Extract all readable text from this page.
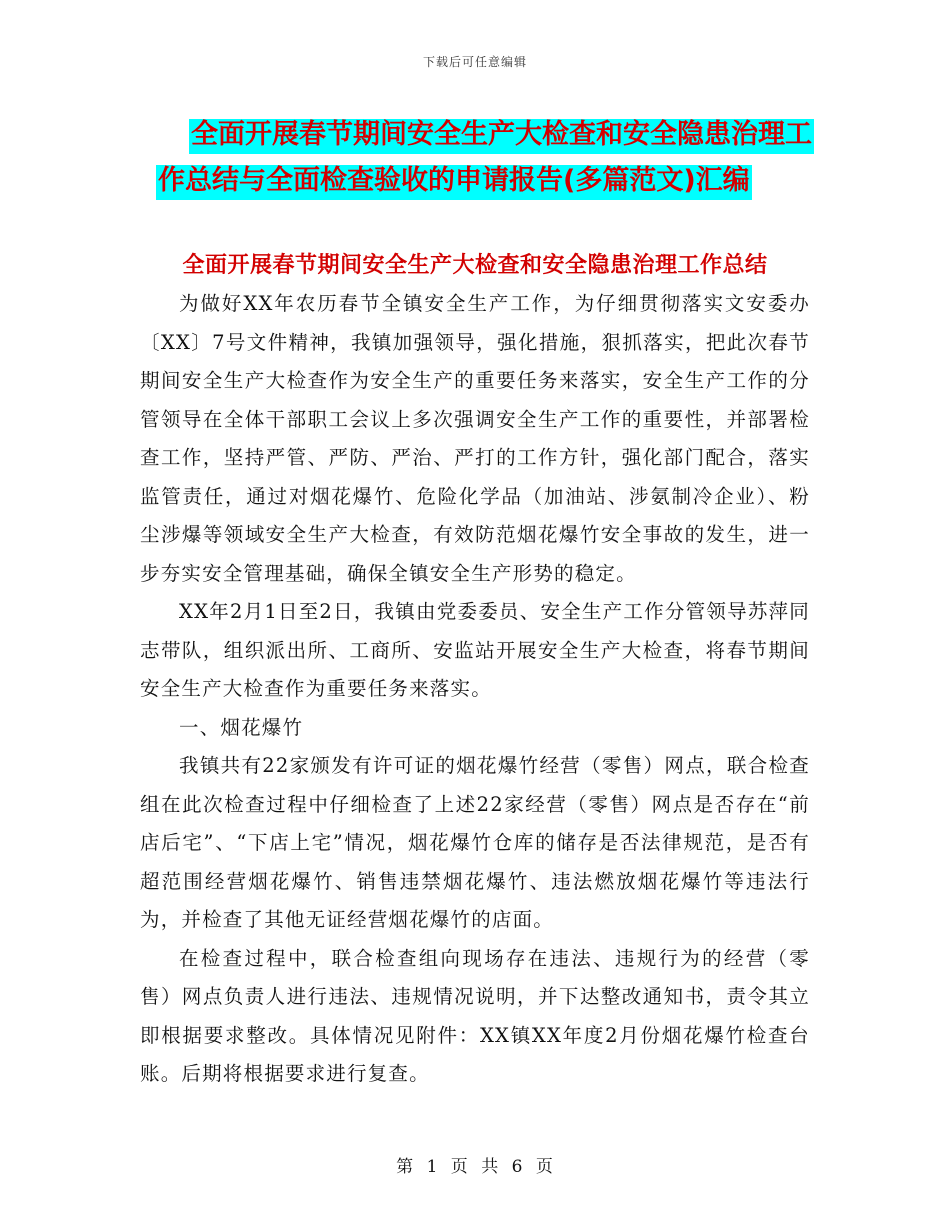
下载后可任意编辑
全面开展春节期间安全生产大检查和安全隐患治理工
作总结与全面检查验收的申请报告(多篇范文)汇编
全面开展春节期间安全生产大检查和安全隐患治理工作总结

为做好XX年农历春节全镇安全生产工作，为仔细贯彻落实文安委办〔XX〕7号文件精神，我镇加强领导，强化措施，狠抓落实，把此次春节期间安全生产大检查作为安全生产的重要任务来落实，安全生产工作的分管领导在全体干部职工会议上多次强调安全生产工作的重要性，并部署检查工作，坚持严管、严防、严治、严打的工作方针，强化部门配合，落实监管责任，通过对烟花爆竹、危险化学品（加油站、涉氨制冷企业）、粉尘涉爆等领域安全生产大检查，有效防范烟花爆竹安全事故的发生，进一步夯实安全管理基础，确保全镇安全生产形势的稳定。

XX年2月1日至2日，我镇由党委委员、安全生产工作分管领导苏萍同志带队，组织派出所、工商所、安监站开展安全生产大检查，将春节期间安全生产大检查作为重要任务来落实。

一、烟花爆竹

我镇共有22家颁发有许可证的烟花爆竹经营（零售）网点，联合检查组在此次检查过程中仔细检查了上述22家经营（零售）网点是否存在“前店后宅”、“下店上宅”情况，烟花爆竹仓库的储存是否法律规范，是否有超范围经营烟花爆竹、销售违禁烟花爆竹、违法燃放烟花爆竹等违法行为，并检查了其他无证经营烟花爆竹的店面。

在检查过程中，联合检查组向现场存在违法、违规行为的经营（零售）网点负责人进行违法、违规情况说明，并下达整改通知书，责令其立即根据要求整改。具体情况见附件：XX镇XX年度2月份烟花爆竹检查台账。后期将根据要求进行复查。

第 1 页 共 6 页
